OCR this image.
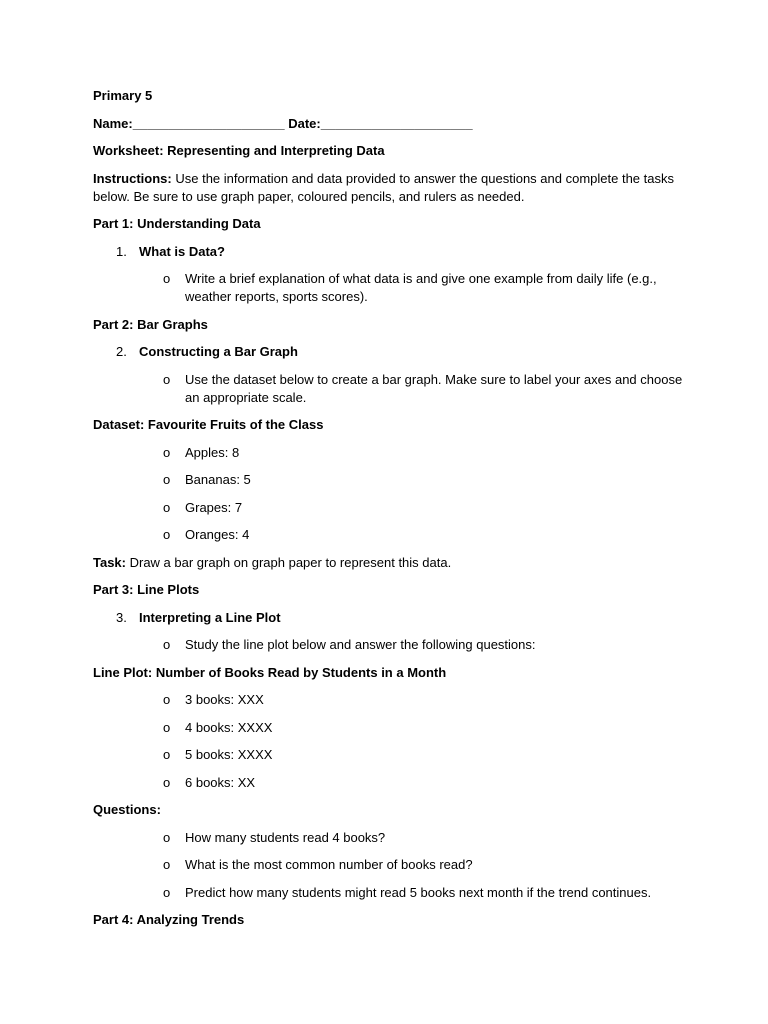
Primary 5

Name:_____________________ Date:_____________________

Worksheet: Representing and Interpreting Data

Instructions: Use the information and data provided to answer the questions and complete the tasks below. Be sure to use graph paper, coloured pencils, and rulers as needed.

Part 1: Understanding Data

1. What is Data?
o Write a brief explanation of what data is and give one example from daily life (e.g., weather reports, sports scores).

Part 2: Bar Graphs

2. Constructing a Bar Graph
o Use the dataset below to create a bar graph. Make sure to label your axes and choose an appropriate scale.

Dataset: Favourite Fruits of the Class

o Apples: 8
o Bananas: 5
o Grapes: 7
o Oranges: 4

Task: Draw a bar graph on graph paper to represent this data.

Part 3: Line Plots

3. Interpreting a Line Plot
o Study the line plot below and answer the following questions:

Line Plot: Number of Books Read by Students in a Month

o 3 books: XXX
o 4 books: XXXX
o 5 books: XXXX
o 6 books: XX

Questions:

o How many students read 4 books?
o What is the most common number of books read?
o Predict how many students might read 5 books next month if the trend continues.

Part 4: Analyzing Trends
